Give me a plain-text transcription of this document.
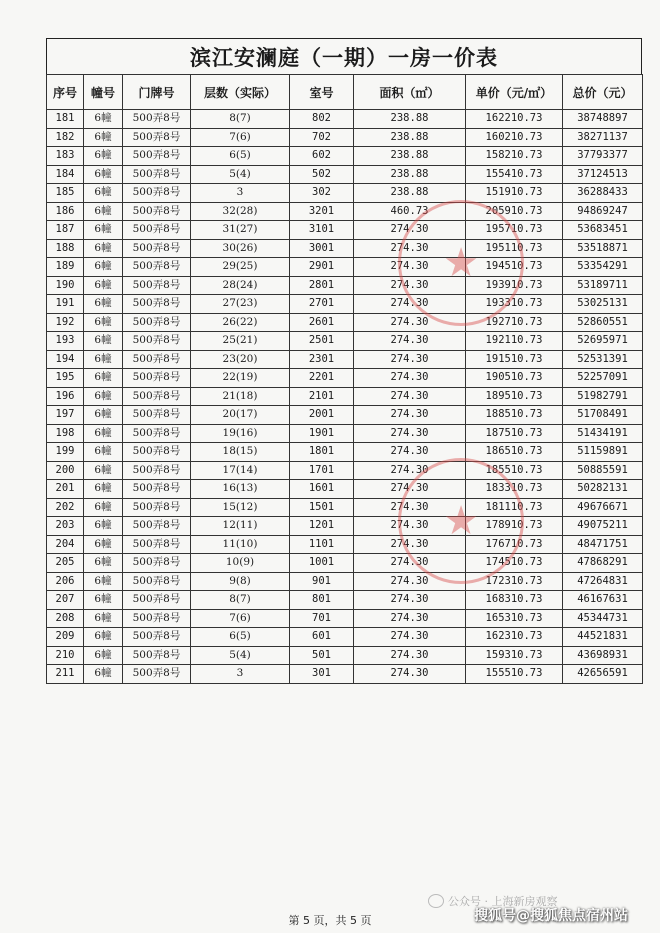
滨江安澜庭（一期）一房一价表
序号	幢号	门牌号	层数（实际）	室号	面积（㎡）	单价（元/㎡）	总价（元）
181	6幢	500弄8号	8(7)	802	238.88	162210.73	38748897
182	6幢	500弄8号	7(6)	702	238.88	160210.73	38271137
183	6幢	500弄8号	6(5)	602	238.88	158210.73	37793377
184	6幢	500弄8号	5(4)	502	238.88	155410.73	37124513
185	6幢	500弄8号	3	302	238.88	151910.73	36288433
186	6幢	500弄8号	32(28)	3201	460.73	205910.73	94869247
187	6幢	500弄8号	31(27)	3101	274.30	195710.73	53683451
188	6幢	500弄8号	30(26)	3001	274.30	195110.73	53518871
189	6幢	500弄8号	29(25)	2901	274.30	194510.73	53354291
190	6幢	500弄8号	28(24)	2801	274.30	193910.73	53189711
191	6幢	500弄8号	27(23)	2701	274.30	193310.73	53025131
192	6幢	500弄8号	26(22)	2601	274.30	192710.73	52860551
193	6幢	500弄8号	25(21)	2501	274.30	192110.73	52695971
194	6幢	500弄8号	23(20)	2301	274.30	191510.73	52531391
195	6幢	500弄8号	22(19)	2201	274.30	190510.73	52257091
196	6幢	500弄8号	21(18)	2101	274.30	189510.73	51982791
197	6幢	500弄8号	20(17)	2001	274.30	188510.73	51708491
198	6幢	500弄8号	19(16)	1901	274.30	187510.73	51434191
199	6幢	500弄8号	18(15)	1801	274.30	186510.73	51159891
200	6幢	500弄8号	17(14)	1701	274.30	185510.73	50885591
201	6幢	500弄8号	16(13)	1601	274.30	183310.73	50282131
202	6幢	500弄8号	15(12)	1501	274.30	181110.73	49676671
203	6幢	500弄8号	12(11)	1201	274.30	178910.73	49075211
204	6幢	500弄8号	11(10)	1101	274.30	176710.73	48471751
205	6幢	500弄8号	10(9)	1001	274.30	174510.73	47868291
206	6幢	500弄8号	9(8)	901	274.30	172310.73	47264831
207	6幢	500弄8号	8(7)	801	274.30	168310.73	46167631
208	6幢	500弄8号	7(6)	701	274.30	165310.73	45344731
209	6幢	500弄8号	6(5)	601	274.30	162310.73	44521831
210	6幢	500弄8号	5(4)	501	274.30	159310.73	43698931
211	6幢	500弄8号	3	301	274.30	155510.73	42656591
★
★
第 5 页，共 5 页
公众号 · 上海新房观察
搜狐号@搜狐焦点宿州站
